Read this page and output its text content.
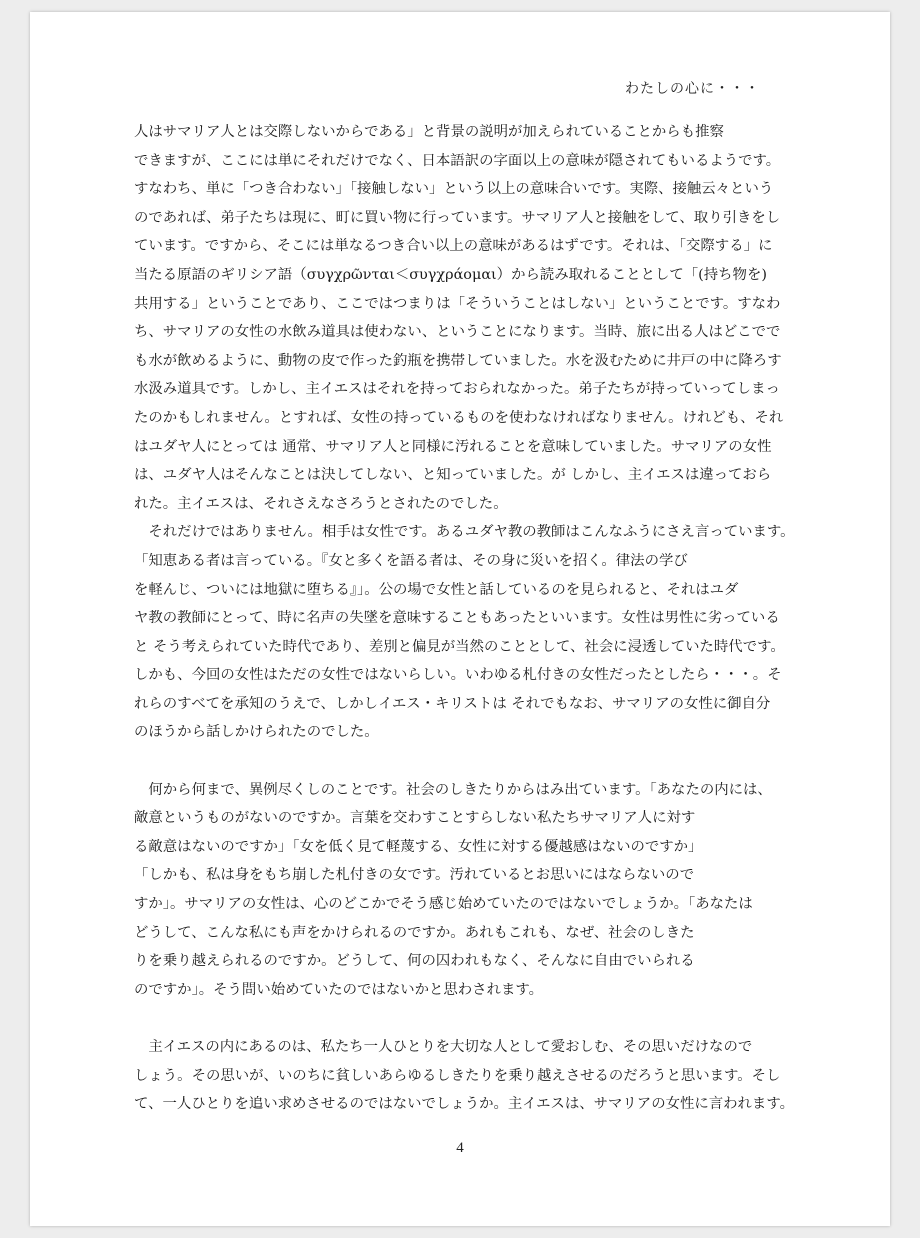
わたしの心に・・・
人はサマリア人とは交際しないからである」と背景の説明が加えられていることからも推察
できますが、ここには単にそれだけでなく、日本語訳の字面以上の意味が隠されてもいるようです。
すなわち、単に「つき合わない」「接触しない」という以上の意味合いです。実際、接触云々という
のであれば、弟子たちは現に、町に買い物に行っています。サマリア人と接触をして、取り引きをし
ています。ですから、そこには単なるつき合い以上の意味があるはずです。それは、「交際する」に
当たる原語のギリシア語（συγχρῶνται＜συγχράομαι）から読み取れることとして「(持ち物を)
共用する」ということであり、ここではつまりは「そういうことはしない」ということです。すなわ
ち、サマリアの女性の水飲み道具は使わない、ということになります。当時、旅に出る人はどこでで
も水が飲めるように、動物の皮で作った釣瓶を携帯していました。水を汲むために井戸の中に降ろす
水汲み道具です。しかし、主イエスはそれを持っておられなかった。弟子たちが持っていってしまっ
たのかもしれません。とすれば、女性の持っているものを使わなければなりません。けれども、それ
はユダヤ人にとっては 通常、サマリア人と同様に汚れることを意味していました。サマリアの女性
は、ユダヤ人はそんなことは決してしない、と知っていました。が しかし、主イエスは違っておら
れた。主イエスは、それさえなさろうとされたのでした。
　それだけではありません。相手は女性です。あるユダヤ教の教師はこんなふうにさえ言っています。
「知恵ある者は言っている。『女と多くを語る者は、その身に災いを招く。律法の学び
を軽んじ、ついには地獄に堕ちる』」。公の場で女性と話しているのを見られると、それはユダ
ヤ教の教師にとって、時に名声の失墜を意味することもあったといいます。女性は男性に劣っている
と そう考えられていた時代であり、差別と偏見が当然のこととして、社会に浸透していた時代です。
しかも、今回の女性はただの女性ではないらしい。いわゆる札付きの女性だったとしたら・・・。そ
れらのすべてを承知のうえで、しかしイエス・キリストは それでもなお、サマリアの女性に御自分
のほうから話しかけられたのでした。
　何から何まで、異例尽くしのことです。社会のしきたりからはみ出ています。「あなたの内には、
敵意というものがないのですか。言葉を交わすことすらしない私たちサマリア人に対す
る敵意はないのですか」「女を低く見て軽蔑する、女性に対する優越感はないのですか」
「しかも、私は身をもち崩した札付きの女です。汚れているとお思いにはならないので
すか」。サマリアの女性は、心のどこかでそう感じ始めていたのではないでしょうか。「あなたは
どうして、こんな私にも声をかけられるのですか。あれもこれも、なぜ、社会のしきた
りを乗り越えられるのですか。どうして、何の囚われもなく、そんなに自由でいられる
のですか」。そう問い始めていたのではないかと思わされます。
　主イエスの内にあるのは、私たち一人ひとりを大切な人として愛おしむ、その思いだけなので
しょう。その思いが、いのちに貧しいあらゆるしきたりを乗り越えさせるのだろうと思います。そし
て、一人ひとりを追い求めさせるのではないでしょうか。主イエスは、サマリアの女性に言われます。
4
